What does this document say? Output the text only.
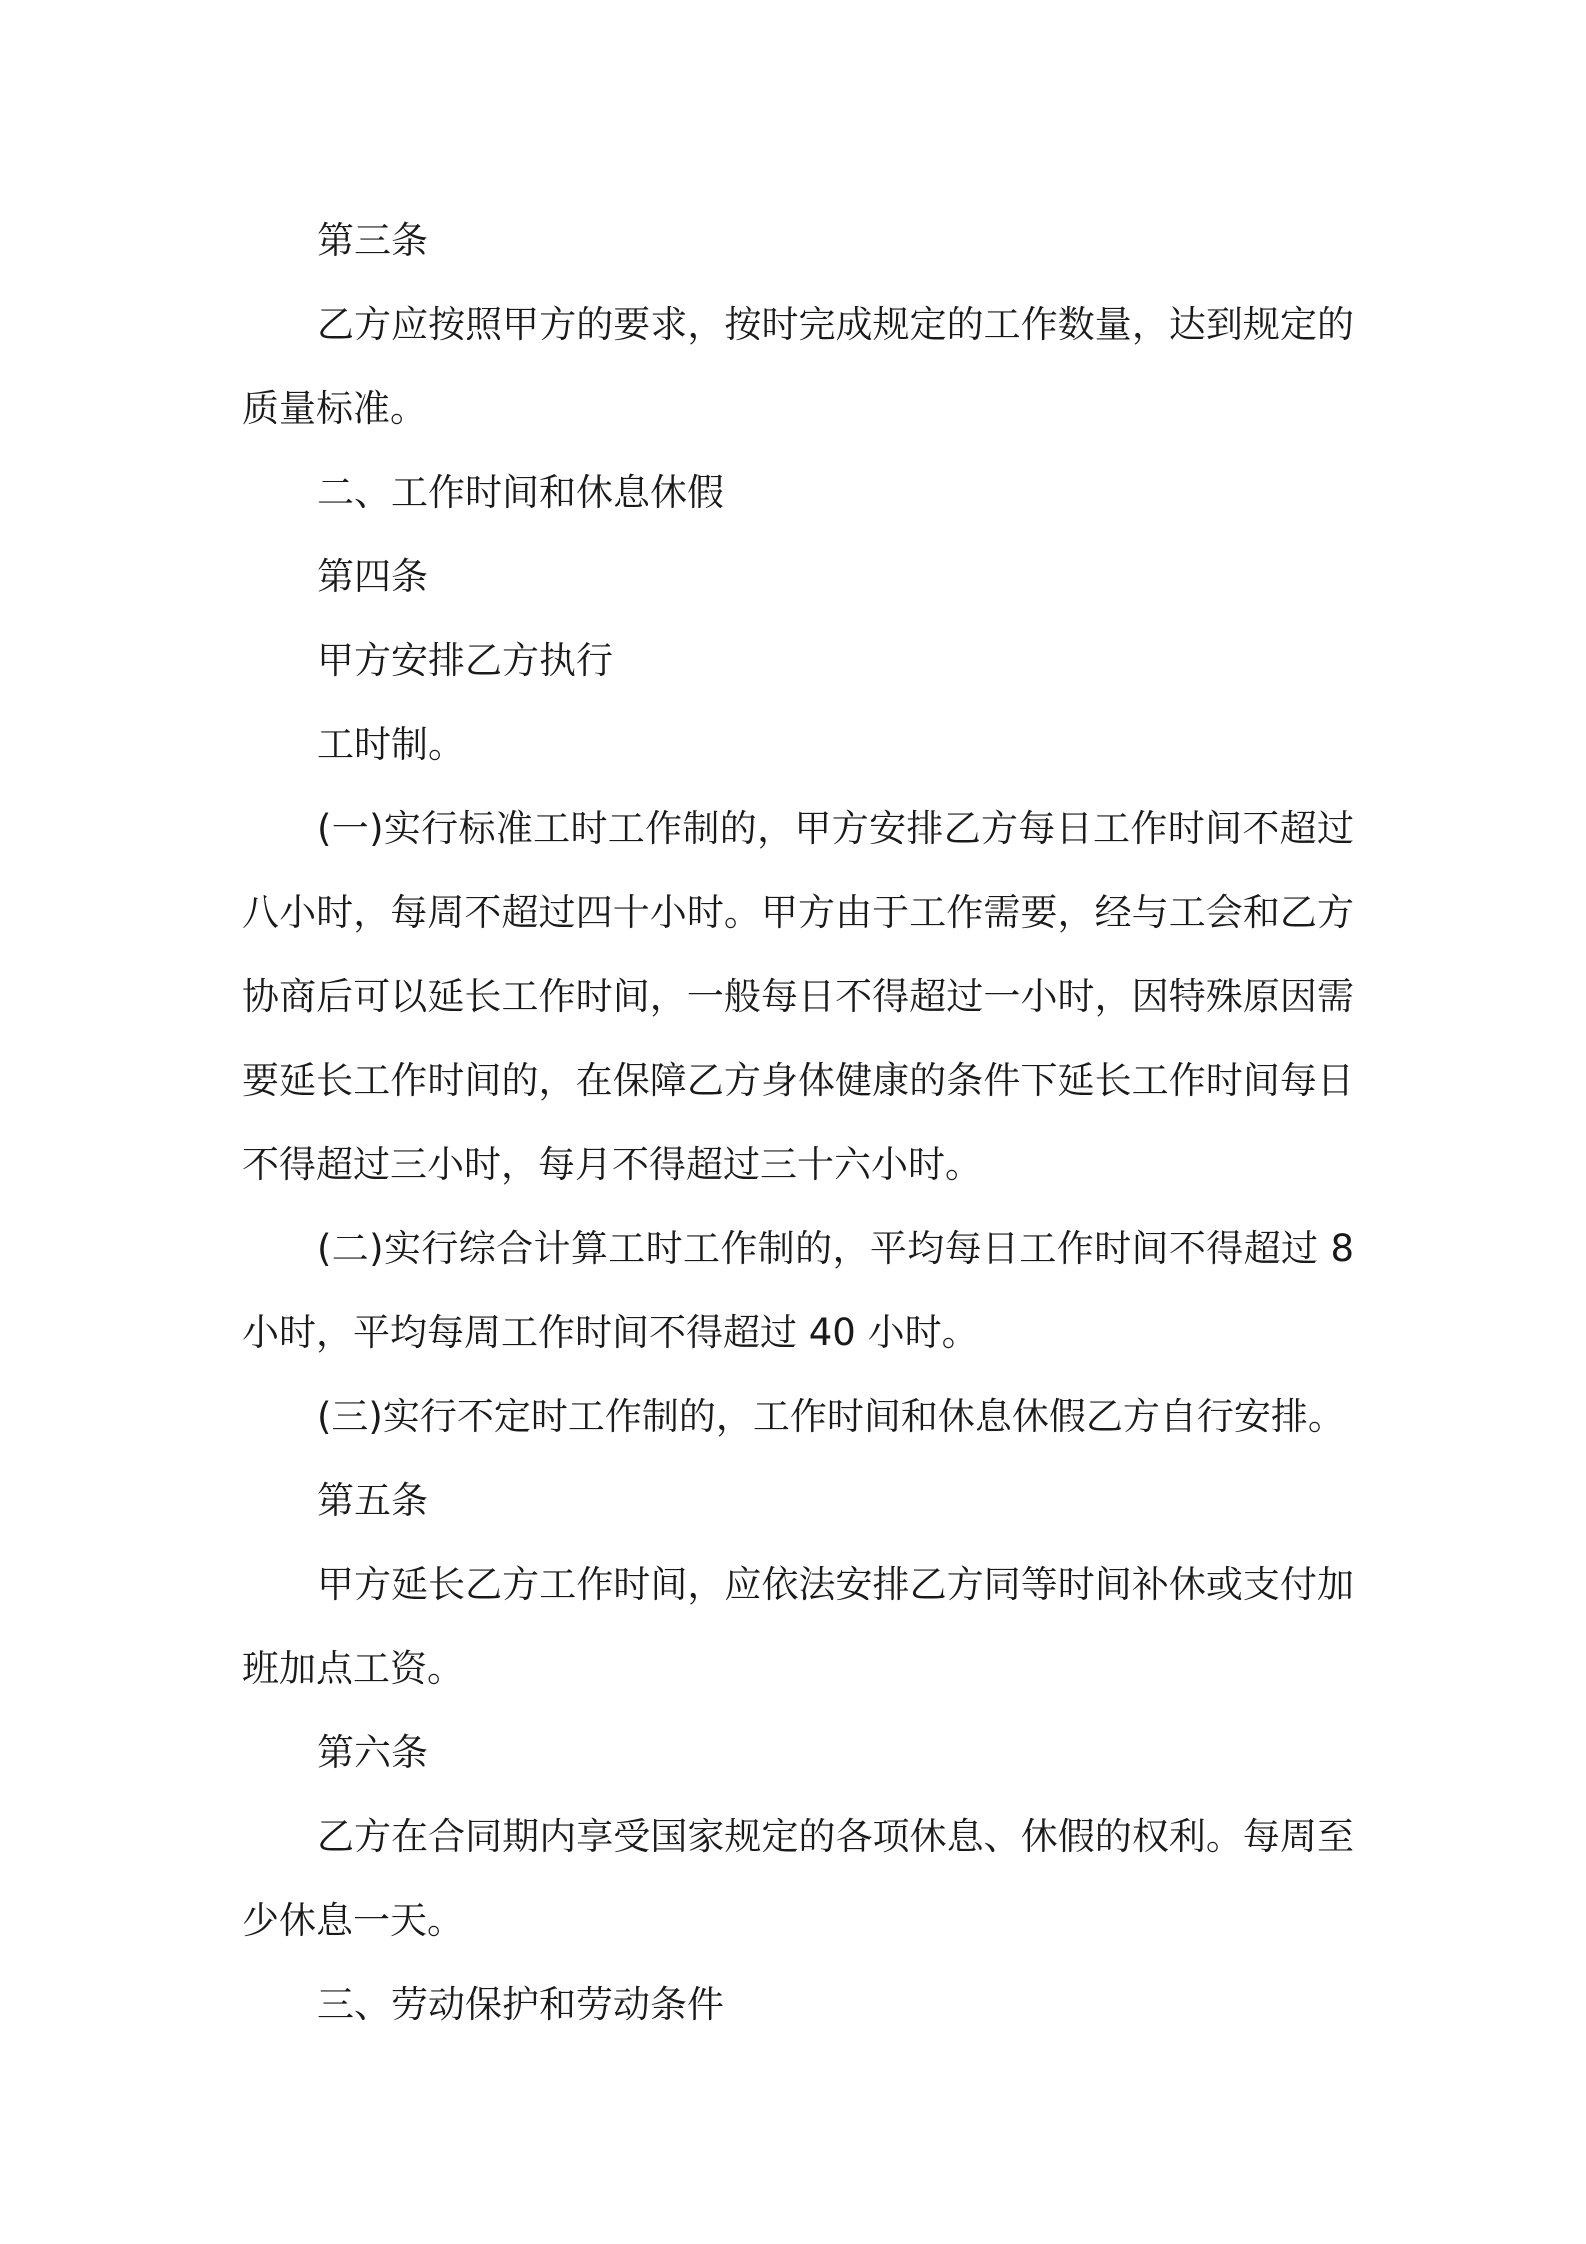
第三条

乙方应按照甲方的要求，按时完成规定的工作数量，达到规定的质量标准。

二、工作时间和休息休假

第四条

甲方安排乙方执行

工时制。

(一)实行标准工时工作制的，甲方安排乙方每日工作时间不超过八小时，每周不超过四十小时。甲方由于工作需要，经与工会和乙方协商后可以延长工作时间，一般每日不得超过一小时，因特殊原因需要延长工作时间的，在保障乙方身体健康的条件下延长工作时间每日不得超过三小时，每月不得超过三十六小时。

(二)实行综合计算工时工作制的，平均每日工作时间不得超过 8 小时，平均每周工作时间不得超过 40 小时。

(三)实行不定时工作制的，工作时间和休息休假乙方自行安排。

第五条

甲方延长乙方工作时间，应依法安排乙方同等时间补休或支付加班加点工资。

第六条

乙方在合同期内享受国家规定的各项休息、休假的权利。每周至少休息一天。

三、劳动保护和劳动条件
